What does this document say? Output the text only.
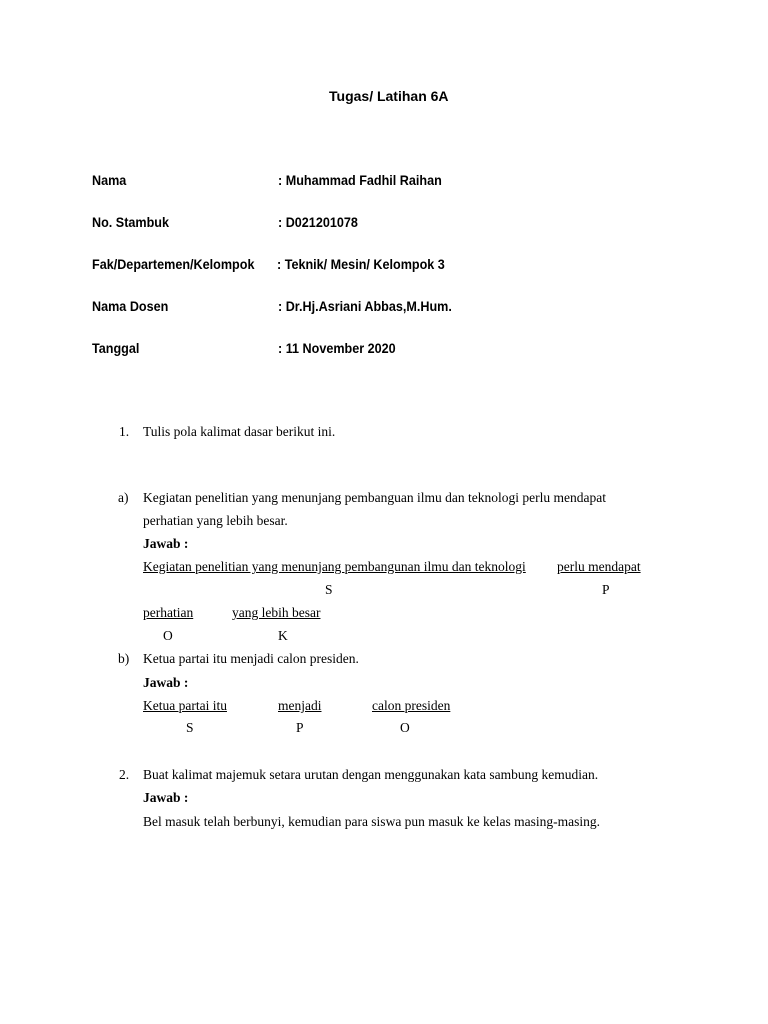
Tugas/ Latihan 6A
Nama	: Muhammad Fadhil Raihan
No. Stambuk	: D021201078
Fak/Departemen/Kelompok : Teknik/ Mesin/ Kelompok 3
Nama Dosen	: Dr.Hj.Asriani Abbas,M.Hum.
Tanggal	: 11 November 2020
1. Tulis pola kalimat dasar berikut ini.
a) Kegiatan penelitian yang menunjang pembanguan ilmu dan teknologi perlu mendapat
perhatian yang lebih besar.
Jawab :
Kegiatan penelitian yang menunjang pembangunan ilmu dan teknologi perlu mendapat
S	P
perhatian	yang lebih besar
O	K
b) Ketua partai itu menjadi calon presiden.
Jawab :
Ketua partai itu	menjadi	calon presiden
S	P	O
2. Buat kalimat majemuk setara urutan dengan menggunakan kata sambung kemudian.
Jawab :
Bel masuk telah berbunyi, kemudian para siswa pun masuk ke kelas masing-masing.
